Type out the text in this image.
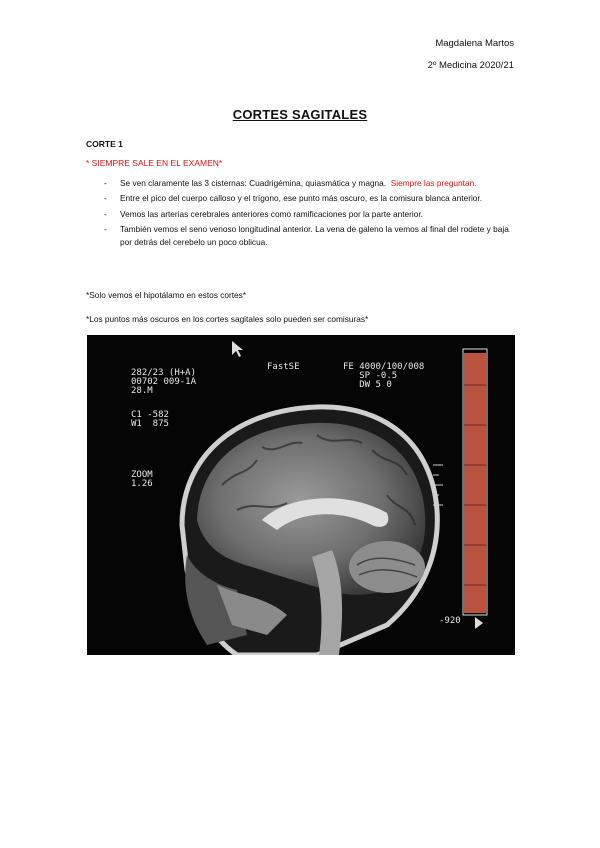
Magdalena Martos
2º Medicina 2020/21
CORTES SAGITALES
CORTE 1
* SIEMPRE SALE EN EL EXAMEN*
- Se ven claramente las 3 cisternas: Cuadrigémina, quiasmática y magna. Siempre las preguntan.
- Entre el pico del cuerpo calloso y el trígono, ese punto más oscuro, es la comisura blanca anterior.
- Vemos las arterias cerebrales anteriores como ramificaciones por la parte anterior.
- También vemos el seno venoso longitudinal anterior. La vena de galeno la vemos al final del rodete y baja por detrás del cerebelo un poco oblicua.
*Solo vemos el hipotálamo en estos cortes*
*Los puntos más oscuros en los cortes sagitales solo pueden ser comisuras*
282/23 (H+A)
00702 009-1A
28.M
C1 -582
W1  875
ZOOM
1.26
FastSE	FE 4000/100/008
SP -0.5
DW 5 0
-920
